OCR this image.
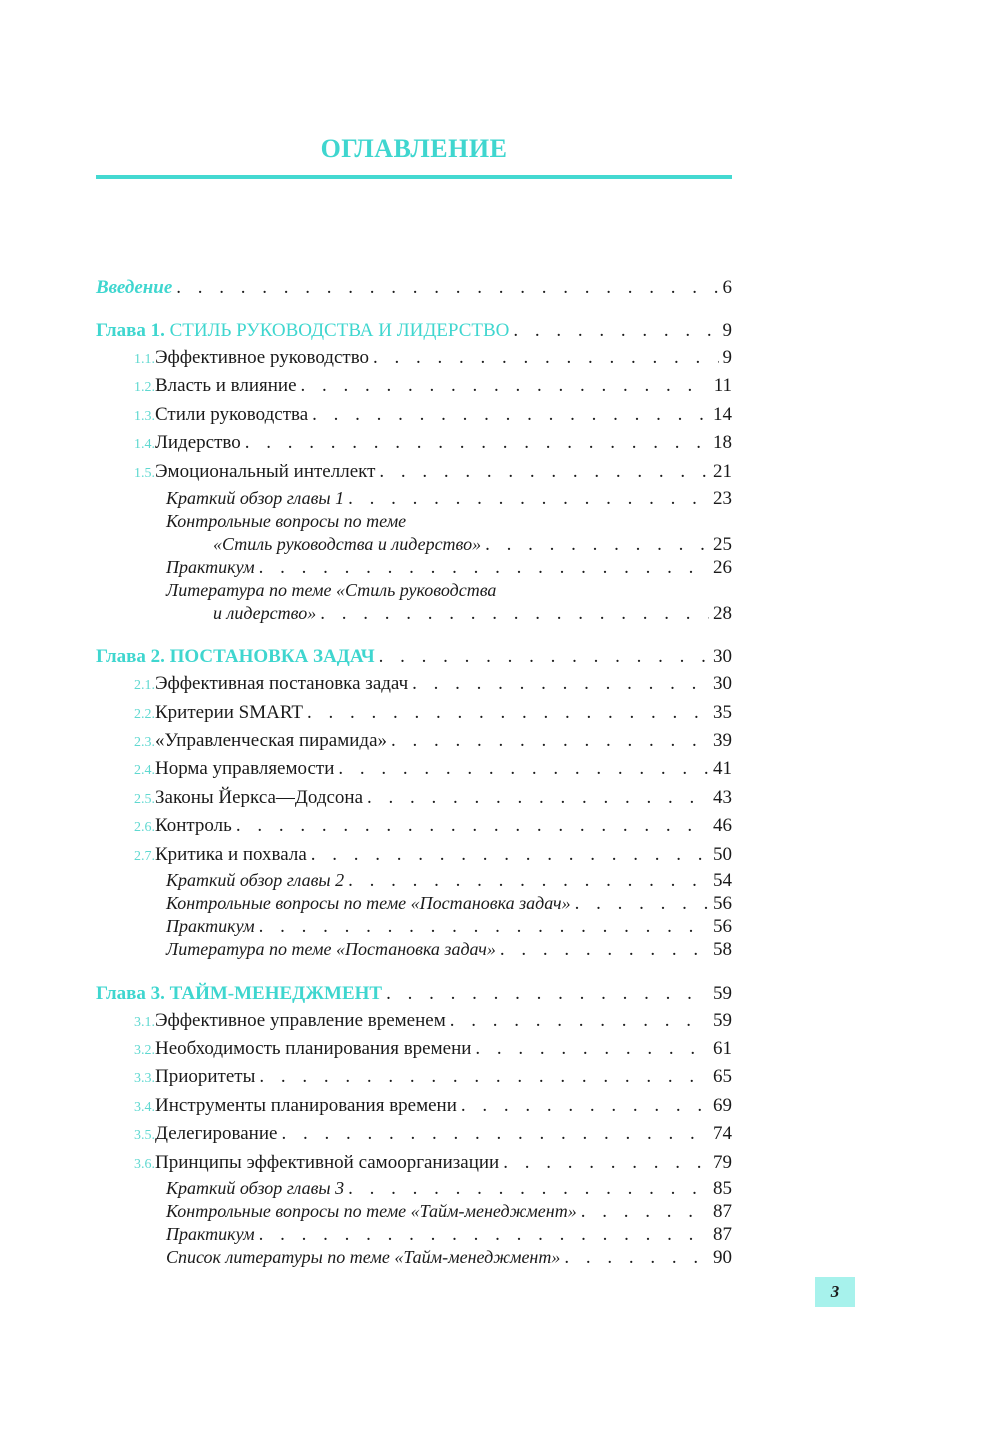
ОГЛАВЛЕНИЕ
Введение . . .	6
Глава 1. СТИЛЬ РУКОВОДСТВА И ЛИДЕРСТВО . . .	9
1.1. Эффективное руководство . . .	9
1.2. Власть и влияние . . .	11
1.3. Стили руководства . . .	14
1.4. Лидерство . . .	18
1.5. Эмоциональный интеллект . . .	21
Краткий обзор главы 1 . . .	23
Контрольные вопросы по теме
«Стиль руководства и лидерство» . . .	25
Практикум . . .	26
Литература по теме «Стиль руководства
и лидерство» . . .	28
Глава 2. ПОСТАНОВКА ЗАДАЧ . . .	30
2.1. Эффективная постановка задач . . .	30
2.2. Критерии SMART . . .	35
2.3. «Управленческая пирамида» . . .	39
2.4. Норма управляемости . . .	41
2.5. Законы Йеркса—Додсона . . .	43
2.6. Контроль . . .	46
2.7. Критика и похвала . . .	50
Краткий обзор главы 2 . . .	54
Контрольные вопросы по теме «Постановка задач» . . .	56
Практикум . . .	56
Литература по теме «Постановка задач» . . .	58
Глава 3. ТАЙМ-МЕНЕДЖМЕНТ . . .	59
3.1. Эффективное управление временем . . .	59
3.2. Необходимость планирования времени . . .	61
3.3. Приоритеты . . .	65
3.4. Инструменты планирования времени . . .	69
3.5. Делегирование . . .	74
3.6. Принципы эффективной самоорганизации . . .	79
Краткий обзор главы 3 . . .	85
Контрольные вопросы по теме «Тайм-менеджмент» . . .	87
Практикум . . .	87
Список литературы по теме «Тайм-менеджмент» . . .	90
3
